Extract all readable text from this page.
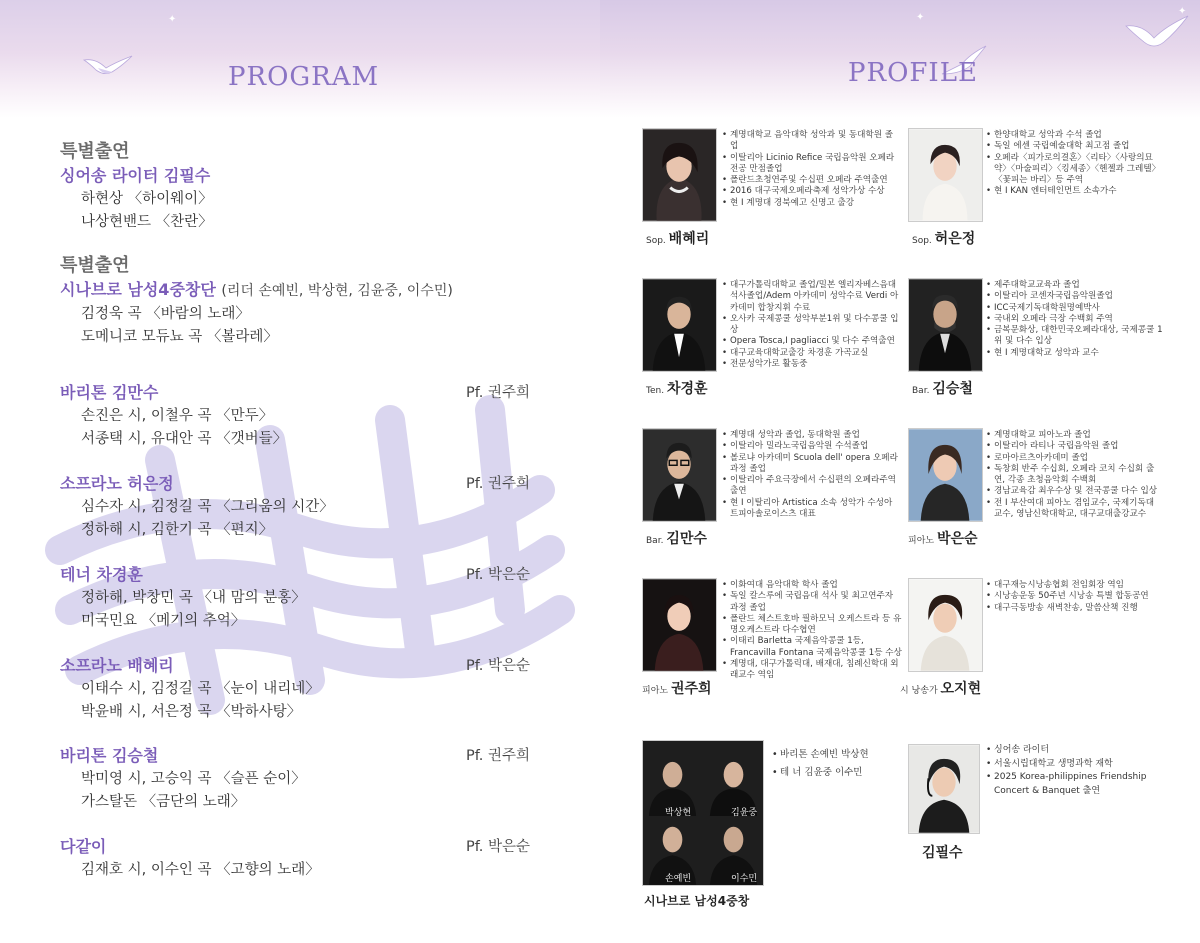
✦
PROGRAM
특별출연
싱어송 라이터 김필수
하현상 〈하이웨이〉
나상현밴드 〈찬란〉
특별출연
시나브로 남성4중창단 (리더 손예빈, 박상현, 김윤중, 이수민)
김정욱 곡 〈바람의 노래〉
도메니코 모듀뇨 곡 〈볼라레〉
바리톤 김만수	Pf. 권주희
손진은 시, 이철우 곡 〈만두〉
서종택 시, 유대안 곡 〈갯버들〉
소프라노 허은정	Pf. 권주희
심수자 시, 김정길 곡 〈그리움의 시간〉
정하해 시, 김한기 곡 〈편지〉
테너 차경훈	Pf. 박은순
정하해, 박창민 곡 〈내 맘의 분홍〉
미국민요 〈메기의 추억〉
소프라노 배혜리	Pf. 박은순
이태수 시, 김정길 곡 〈눈이 내리네〉
박윤배 시, 서은정 곡 〈박하사탕〉
바리톤 김승철	Pf. 권주희
박미영 시, 고승익 곡 〈슬픈 순이〉
가스탈돈 〈금단의 노래〉
다같이	Pf. 박은순
김재호 시, 이수인 곡 〈고향의 노래〉
✦
✦
PROFILE
Sop. 배혜리
• 계명대학교 음악대학 성악과 및 동대학원 졸업
• 이탈리아 Licinio Refice 국립음악원 오페라전공 만점졸업
• 폴란드초청연주및 수십편 오페라 주역출연
• 2016 대구국제오페라축제 성악가상 수상
• 현 I 계명대 경북예고 신명고 출강
Sop. 허은정
• 한양대학교 성악과 수석 졸업
• 독일 에센 국립예술대학 최고점 졸업
• 오페라〈피가로의결혼〉〈리타〉〈사랑의묘약〉〈마술피리〉〈킹세종〉〈헨젤과 그레텔〉〈꽃피는 바리〉등 주역
• 현 I KAN 엔터테인먼트 소속가수
Ten. 차경훈
• 대구가톨릭대학교 졸업/밀본 엘리자베스음대 석사졸업/Adem 아카데미 성악수료 Verdi 아카데미 합창지휘 수료
• 오사카 국제콩쿨 성악부분1위 및 다수콩쿨 입상
• Opera Tosca,I pagliacci 및 다수 주역출연
• 대구교육대학교출강 차경훈 가곡교실
• 전문성악가로 활동중
Bar. 김승철
• 제주대학교교육과 졸업
• 이탈리아 코센자국립음악원졸업
• ICC국제기독대학원명예박사
• 국내외 오페라 극장 수백회 주역
• 금복문화상, 대한민국오페라대상, 국제콩쿨 1위 및 다수 입상
• 현 I 계명대학교 성악과 교수
Bar. 김만수
• 계명대 성악과 졸업, 동대학원 졸업
• 이탈리아 밀라노국립음악원 수석졸업
• 볼로냐 아카데미 Scuola dell' opera 오페라과정 졸업
• 이탈리아 주요극장에서 수십편의 오페라주역 출연
• 현 I 이탈리아 Artistica 소속 성악가 수성아트피아솔로이스츠 대표
피아노 박은순
• 계명대학교 피아노과 졸업
• 이탈리아 라티나 국립음악원 졸업
• 로마아르츠아카데미 졸업
• 독창회 반주 수십회, 오페라 코치 수십회 출연, 각종 초청음악회 수백회
• 경남교육감 최우수상 및 전국콩쿨 다수 입상
• 전 I 부산여대 피아노 겸임교수, 국제기독대 교수, 영남신학대학교, 대구교대출강교수
피아노 권주희
• 이화여대 음악대학 학사 졸업
• 독일 칼스루에 국립음대 석사 및 최고연주자 과정 졸업
• 폴란드 체스트호바 필하모닉 오케스트라 등 유명오케스트라 다수협연
• 이태리 Barletta 국제음악콩쿨 1등, Francavilla Fontana 국제음악콩쿨 1등 수상
• 계명대, 대구가톨릭대, 배재대, 침례신학대 외래교수 역임
시 낭송가 오지현
• 대구재능시낭송협회 전임회장 역임
• 시낭송운동 50주년 시낭송 특별 합동공연
• 대구극동방송 새벽찬송, 말씀산책 진행
박상현	김윤중
손예빈	이수민
시나브로 남성4중창
• 바리톤 손예빈 박상현
• 테 너 김윤중 이수민
김필수
• 싱어송 라이터
• 서울시립대학교 생명과학 재학
• 2025 Korea-philippines Friendship Concert & Banquet 출연
